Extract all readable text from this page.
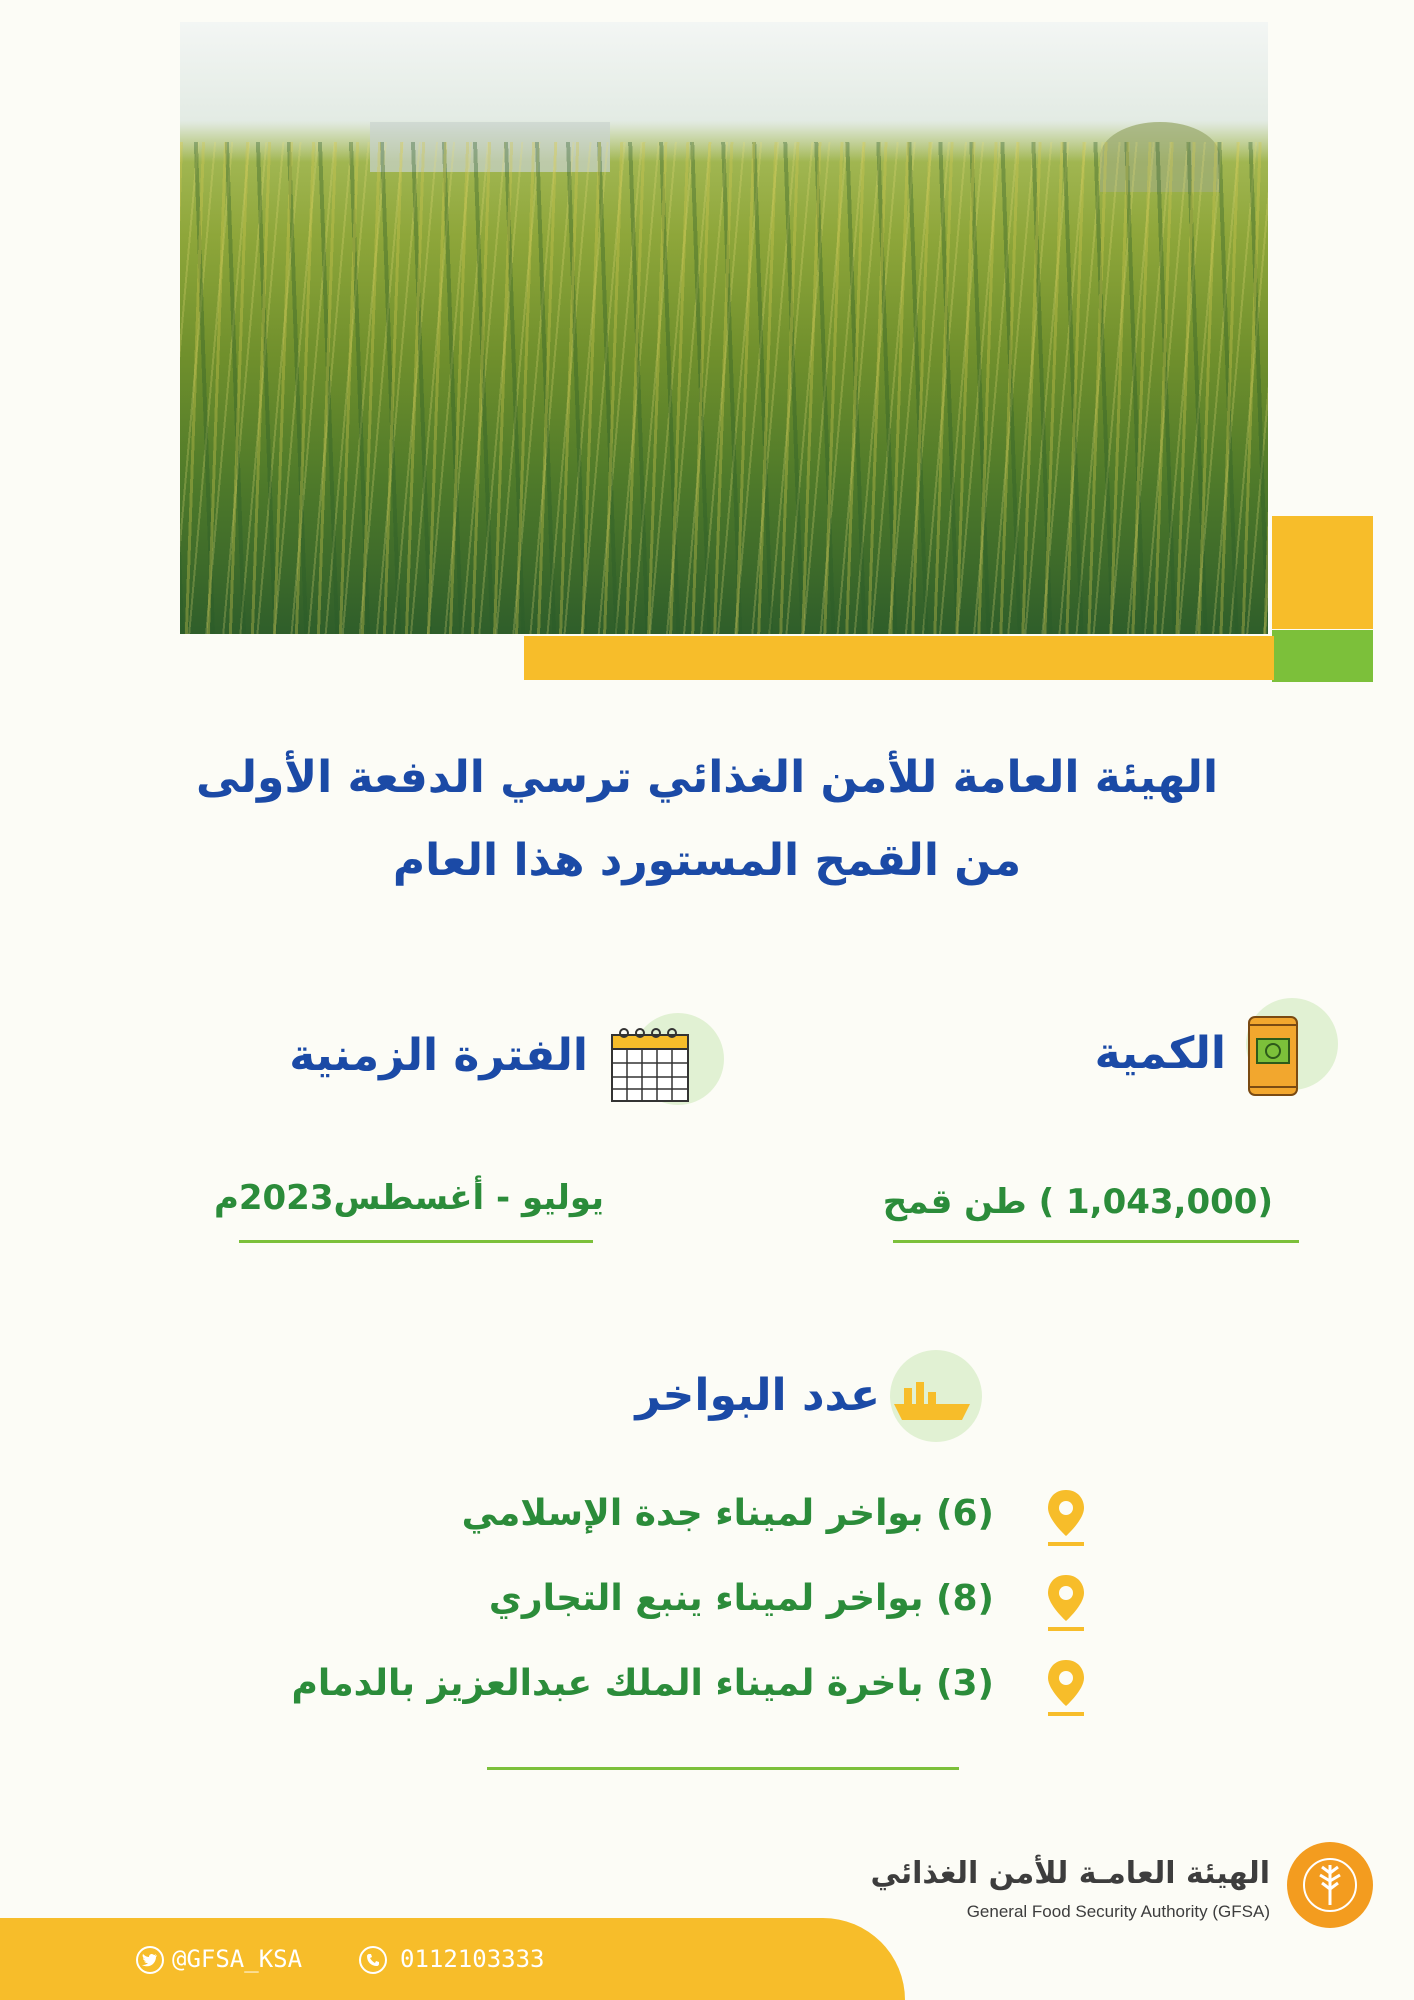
الهيئة العامة للأمن الغذائي ترسي الدفعة الأولى
من القمح المستورد هذا العام
الكمية
(1,043,000 ) طن قمح
الفترة الزمنية
يوليو - أغسطس2023م
عدد البواخر
(6) بواخر لميناء جدة الإسلامي
(8) بواخر لميناء ينبع التجاري
(3) باخرة لميناء الملك عبدالعزيز بالدمام
@GFSA_KSA	0112103333
الهيئة العامـة للأمن الغذائي
General Food Security Authority (GFSA)
